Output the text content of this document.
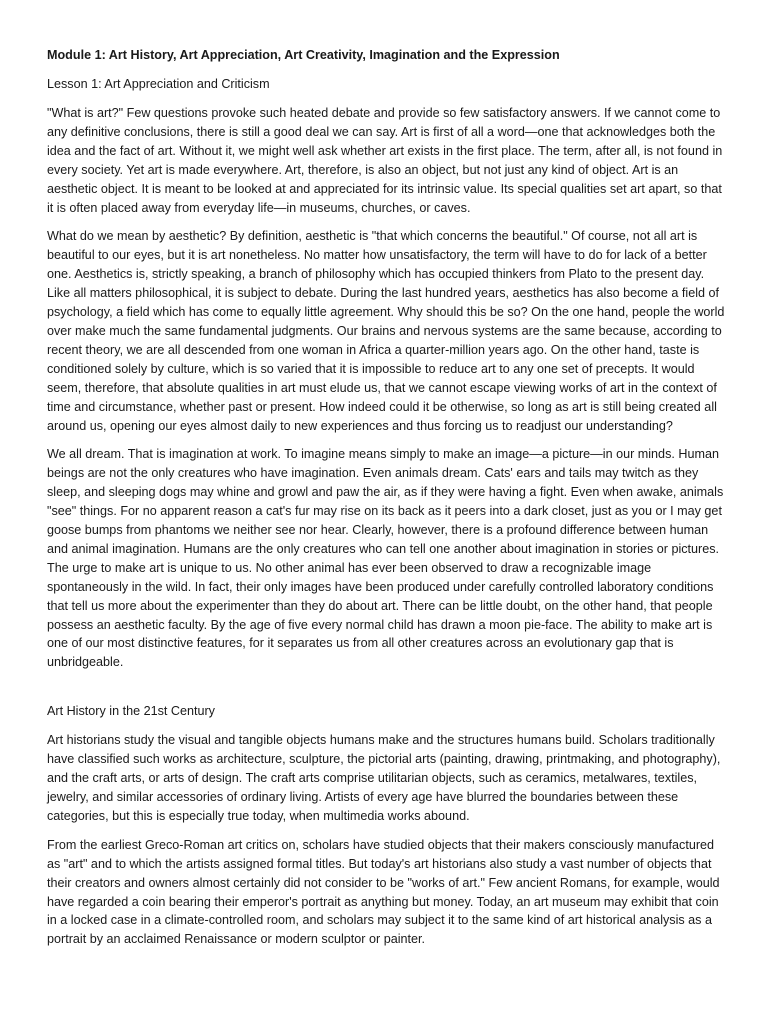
Module 1: Art History, Art Appreciation, Art Creativity, Imagination and the Expression
Lesson 1: Art Appreciation and Criticism

"What is art?" Few questions provoke such heated debate and provide so few satisfactory answers. If we cannot come to any definitive conclusions, there is still a good deal we can say. Art is first of all a word—one that acknowledges both the idea and the fact of art. Without it, we might well ask whether art exists in the first place. The term, after all, is not found in every society. Yet art is made everywhere. Art, therefore, is also an object, but not just any kind of object. Art is an aesthetic object. It is meant to be looked at and appreciated for its intrinsic value. Its special qualities set art apart, so that it is often placed away from everyday life—in museums, churches, or caves.

What do we mean by aesthetic? By definition, aesthetic is "that which concerns the beautiful." Of course, not all art is beautiful to our eyes, but it is art nonetheless. No matter how unsatisfactory, the term will have to do for lack of a better one. Aesthetics is, strictly speaking, a branch of philosophy which has occupied thinkers from Plato to the present day. Like all matters philosophical, it is subject to debate. During the last hundred years, aesthetics has also become a field of psychology, a field which has come to equally little agreement. Why should this be so? On the one hand, people the world over make much the same fundamental judgments. Our brains and nervous systems are the same because, according to recent theory, we are all descended from one woman in Africa a quarter-million years ago. On the other hand, taste is conditioned solely by culture, which is so varied that it is impossible to reduce art to any one set of precepts. It would seem, therefore, that absolute qualities in art must elude us, that we cannot escape viewing works of art in the context of time and circumstance, whether past or present. How indeed could it be otherwise, so long as art is still being created all around us, opening our eyes almost daily to new experiences and thus forcing us to readjust our understanding?

We all dream. That is imagination at work. To imagine means simply to make an image—a picture—in our minds. Human beings are not the only creatures who have imagination. Even animals dream. Cats' ears and tails may twitch as they sleep, and sleeping dogs may whine and growl and paw the air, as if they were having a fight. Even when awake, animals "see" things. For no apparent reason a cat's fur may rise on its back as it peers into a dark closet, just as you or I may get goose bumps from phantoms we neither see nor hear. Clearly, however, there is a profound difference between human and animal imagination. Humans are the only creatures who can tell one another about imagination in stories or pictures. The urge to make art is unique to us. No other animal has ever been observed to draw a recognizable image spontaneously in the wild. In fact, their only images have been produced under carefully controlled laboratory conditions that tell us more about the experimenter than they do about art. There can be little doubt, on the other hand, that people possess an aesthetic faculty. By the age of five every normal child has drawn a moon pie-face. The ability to make art is one of our most distinctive features, for it separates us from all other creatures across an evolutionary gap that is unbridgeable.

Art History in the 21st Century

Art historians study the visual and tangible objects humans make and the structures humans build. Scholars traditionally have classified such works as architecture, sculpture, the pictorial arts (painting, drawing, printmaking, and photography), and the craft arts, or arts of design. The craft arts comprise utilitarian objects, such as ceramics, metalwares, textiles, jewelry, and similar accessories of ordinary living. Artists of every age have blurred the boundaries between these categories, but this is especially true today, when multimedia works abound.

From the earliest Greco-Roman art critics on, scholars have studied objects that their makers consciously manufactured as "art" and to which the artists assigned formal titles. But today's art historians also study a vast number of objects that their creators and owners almost certainly did not consider to be "works of art." Few ancient Romans, for example, would have regarded a coin bearing their emperor's portrait as anything but money. Today, an art museum may exhibit that coin in a locked case in a climate-controlled room, and scholars may subject it to the same kind of art historical analysis as a portrait by an acclaimed Renaissance or modern sculptor or painter.
